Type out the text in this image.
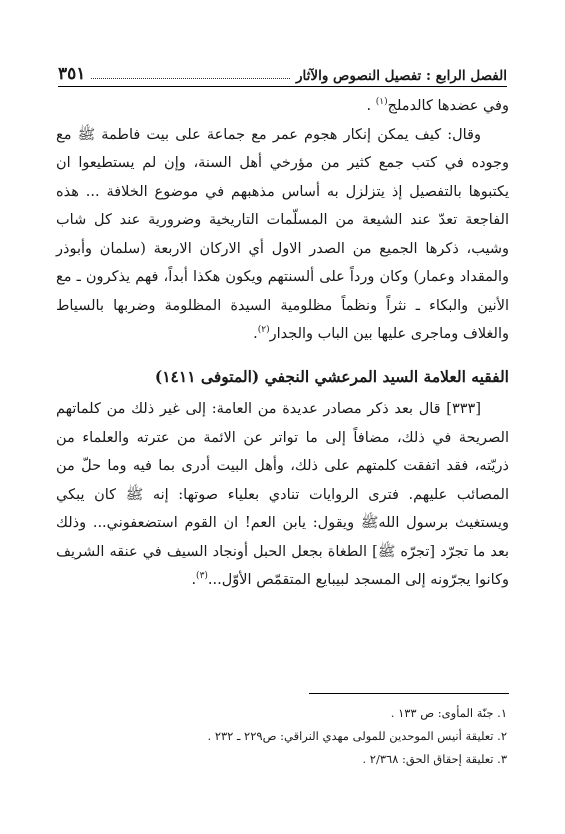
الفصل الرابع : تفصيل النصوص والآثار
٣٥١

وفي عضدها كالدملج$^{(١)}$ .

وقال: كيف يمكن إنكار هجوم عمر مع جماعة على بيت فاطمة ﷺ مع وجوده في كتب جمع كثير من مؤرخي أهل السنة، وإن لم يستطيعوا ان يكتبوها بالتفصيل إذ يتزلزل به أساس مذهبهم في موضوع الخلافة ... هذه الفاجعة تعدّ عند الشيعة من المسلّمات التاريخية وضرورية عند كل شاب وشيب، ذكرها الجميع من الصدر الاول أي الاركان الاربعة (سلمان وأبوذر والمقداد وعمار) وكان ورداً على ألسنتهم ويكون هكذا أبداً، فهم يذكرون ـ مع الأنين والبكاء ـ نثراً ونظماً مظلومية السيدة المظلومة وضربها بالسياط والغلاف وماجرى عليها بين الباب والجدار$^{(٢)}$.

الفقيه العلامة السيد المرعشي النجفي (المتوفى ١٤١١)

[٣٣٣] قال بعد ذكر مصادر عديدة من العامة: إلى غير ذلك من كلماتهم الصريحة في ذلك، مضافاً إلى ما تواتر عن الائمة من عترته والعلماء من ذريّته، فقد اتفقت كلمتهم على ذلك، وأهل البيت أدرى بما فيه وما حلّ من المصائب عليهم. فترى الروايات تنادي بعلياء صوتها: إنه ﷺ كان يبكي ويستغيث برسول اللهﷺ ويقول: يابن العم! ان القوم استضعفوني... وذلك بعد ما تجرّد [تجرّه ﷺ] الطغاة بجعل الحبل أونجاد السيف في عنقه الشريف وكانوا يجرّونه إلى المسجد لبيبايع المتقمّص الأوّل...$^{(٣)}$.

١. جنّة المأوى: ص ١٣٣ .
٢. تعليقة أنيس الموحدين للمولى مهدي النراقي: ص٢٢٩ ـ ٢٣٢ .
٣. تعليقة إحقاق الحق: ٢/٣٦٨ .
